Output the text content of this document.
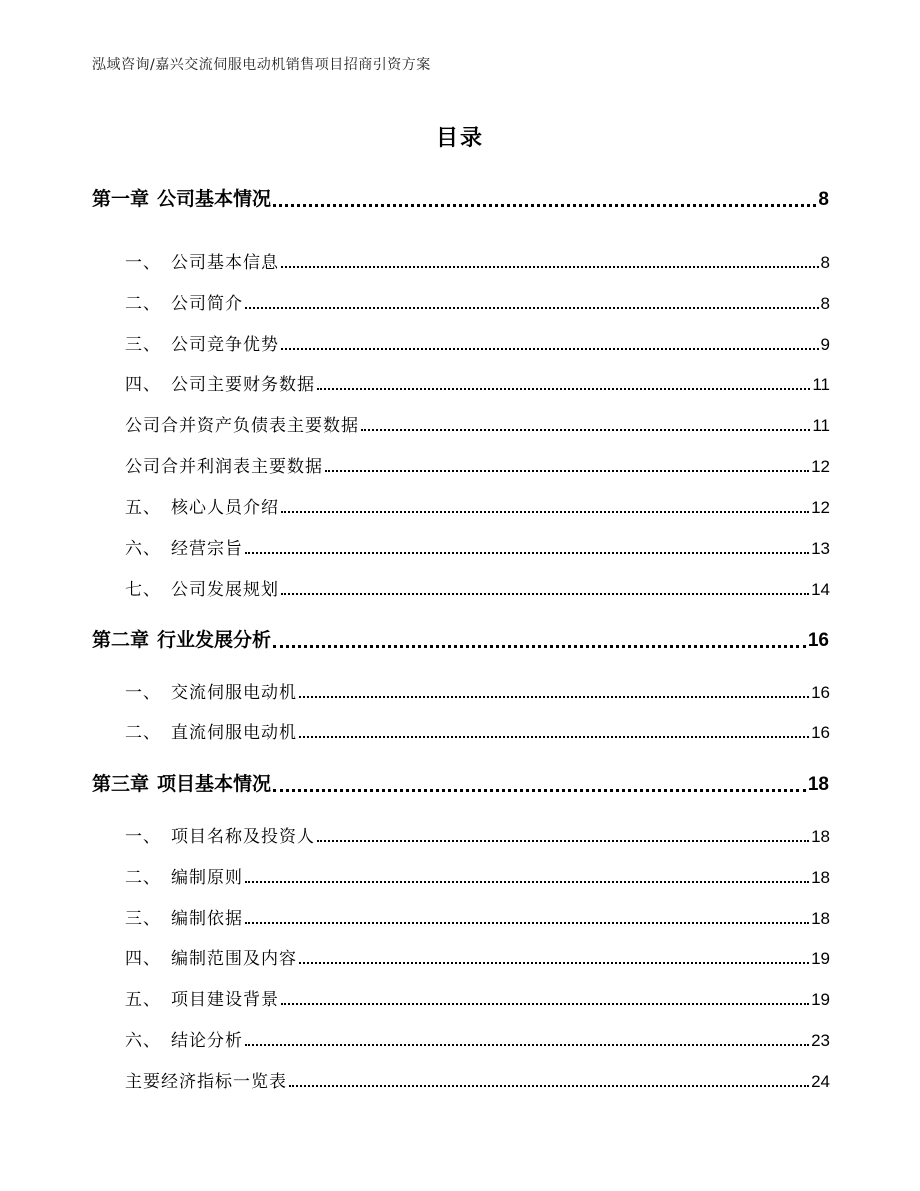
泓域咨询/嘉兴交流伺服电动机销售项目招商引资方案
目录
第一章 公司基本情况	8
一、 公司基本信息	8
二、 公司简介	8
三、 公司竞争优势	9
四、 公司主要财务数据	11
公司合并资产负债表主要数据	11
公司合并利润表主要数据	12
五、 核心人员介绍	12
六、 经营宗旨	13
七、 公司发展规划	14
第二章 行业发展分析	16
一、 交流伺服电动机	16
二、 直流伺服电动机	16
第三章 项目基本情况	18
一、 项目名称及投资人	18
二、 编制原则	18
三、 编制依据	18
四、 编制范围及内容	19
五、 项目建设背景	19
六、 结论分析	23
主要经济指标一览表	24
